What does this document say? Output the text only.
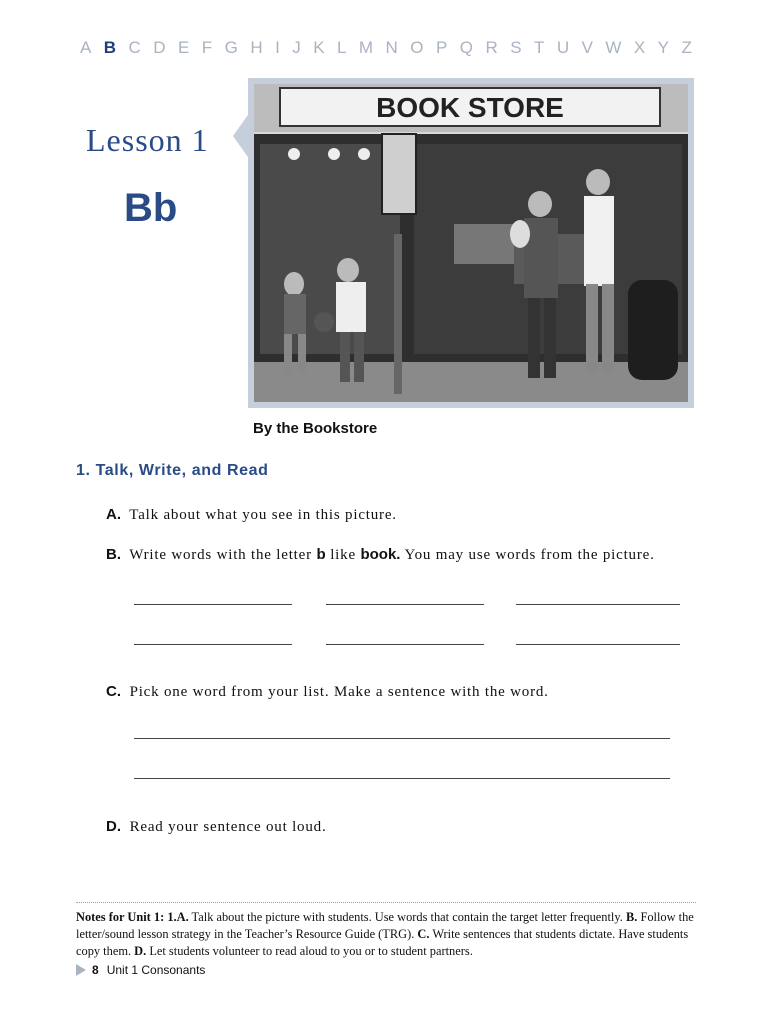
A B C D E F G H I J K L M N O P Q R S T U V W X Y Z
Lesson 1
Bb
BOOK STORE
By the Bookstore
1. Talk, Write, and Read
A. Talk about what you see in this picture.
B. Write words with the letter b like book. You may use words from the picture.
C. Pick one word from your list. Make a sentence with the word.
D. Read your sentence out loud.
Notes for Unit 1: 1.A. Talk about the picture with students. Use words that contain the target letter frequently. B. Follow the letter/sound lesson strategy in the Teacher’s Resource Guide (TRG). C. Write sentences that students dictate. Have students copy them. D. Let students volunteer to read aloud to you or to student partners.
8 Unit 1 Consonants
